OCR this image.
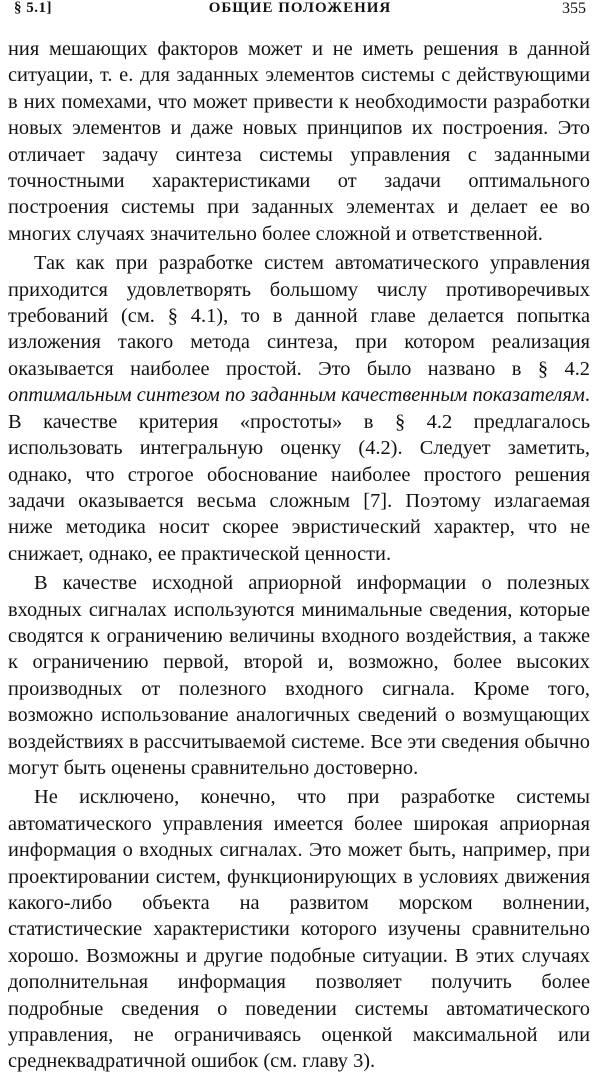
§ 5.1]	ОБЩИЕ ПОЛОЖЕНИЯ	355

ния мешающих факторов может и не иметь решения в данной ситуации, т. е. для заданных элементов системы с действующими в них помехами, что может привести к необходимости разработки новых элементов и даже новых принципов их построения. Это отличает задачу синтеза системы управления с заданными точностными характеристиками от задачи оптимального построения системы при заданных элементах и делает ее во многих случаях значительно более сложной и ответственной.

Так как при разработке систем автоматического управления приходится удовлетворять большому числу противоречивых требований (см. § 4.1), то в данной главе делается попытка изложения такого метода синтеза, при котором реализация оказывается наиболее простой. Это было названо в § 4.2 оптимальным синтезом по заданным качественным показателям. В качестве критерия «простоты» в § 4.2 предлагалось использовать интегральную оценку (4.2). Следует заметить, однако, что строгое обоснование наиболее простого решения задачи оказывается весьма сложным [7]. Поэтому излагаемая ниже методика носит скорее эвристический характер, что не снижает, однако, ее практической ценности.

В качестве исходной априорной информации о полезных входных сигналах используются минимальные сведения, которые сводятся к ограничению величины входного воздействия, а также к ограничению первой, второй и, возможно, более высоких производных от полезного входного сигнала. Кроме того, возможно использование аналогичных сведений о возмущающих воздействиях в рассчитываемой системе. Все эти сведения обычно могут быть оценены сравнительно достоверно.

Не исключено, конечно, что при разработке системы автоматического управления имеется более широкая априорная информация о входных сигналах. Это может быть, например, при проектировании систем, функционирующих в условиях движения какого-либо объекта на развитом морском волнении, статистические характеристики которого изучены сравнительно хорошо. Возможны и другие подобные ситуации. В этих случаях дополнительная информация позволяет получить более подробные сведения о поведении системы автоматического управления, не ограничиваясь оценкой максимальной или среднеквадратичной ошибок (см. главу 3).
